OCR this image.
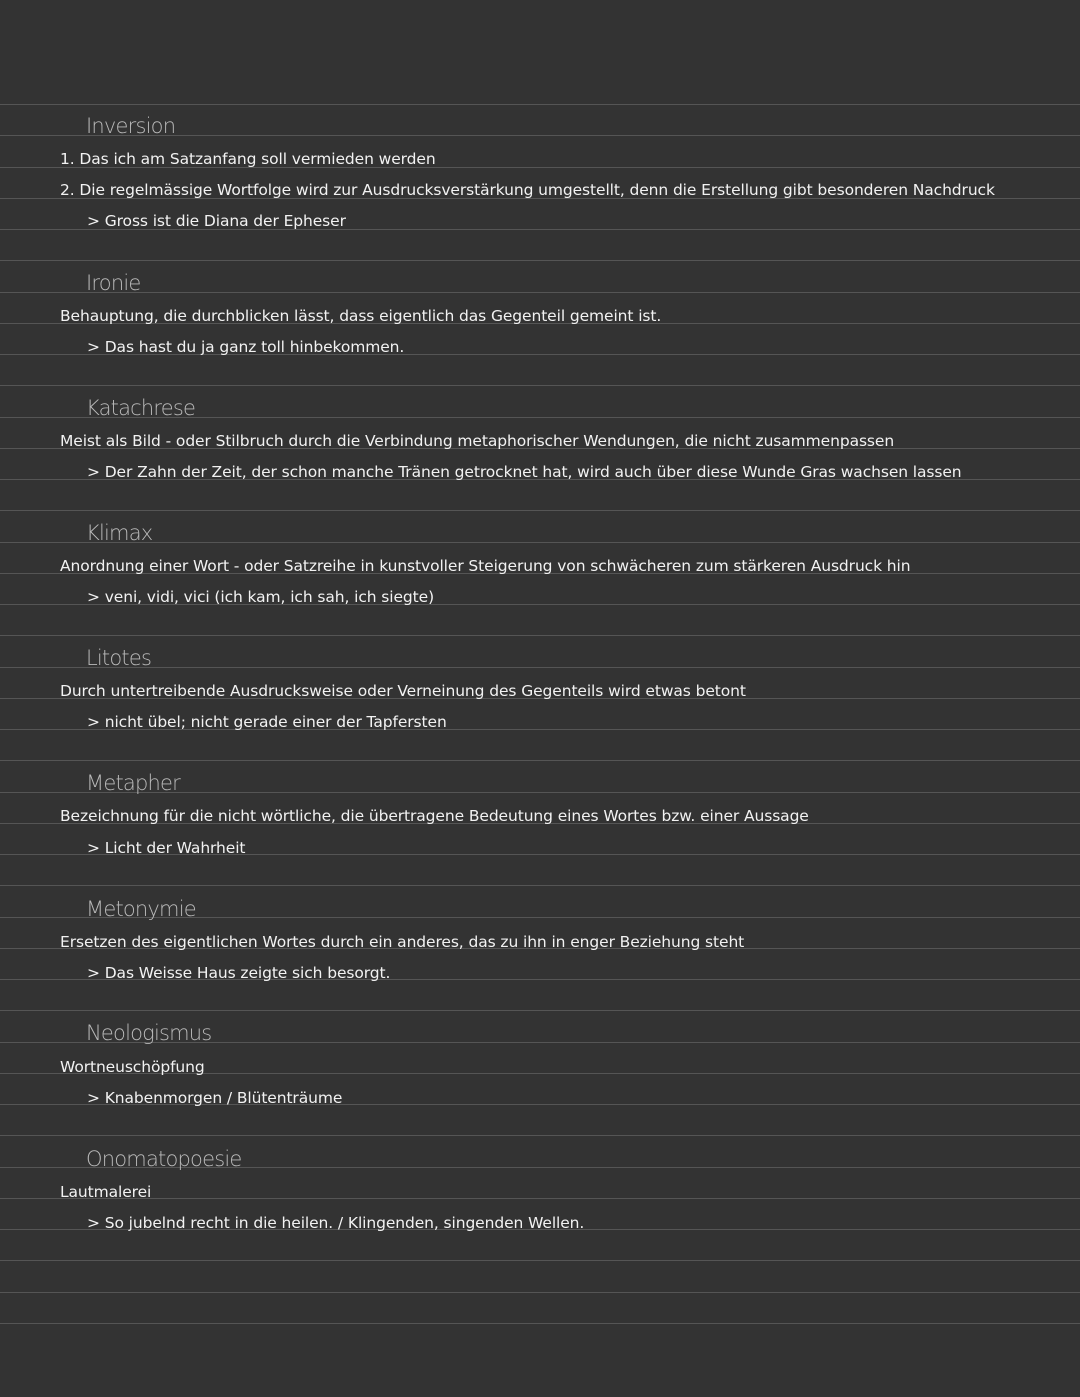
Inversion
1. Das ich am Satzanfang soll vermieden werden
2. Die regelmässige Wortfolge wird zur Ausdrucksverstärkung umgestellt, denn die Erstellung gibt besonderen Nachdruck
> Gross ist die Diana der Epheser
Ironie
Behauptung, die durchblicken lässt, dass eigentlich das Gegenteil gemeint ist.
> Das hast du ja ganz toll hinbekommen.
Katachrese
Meist als Bild - oder Stilbruch durch die Verbindung metaphorischer Wendungen, die nicht zusammenpassen
> Der Zahn der Zeit, der schon manche Tränen getrocknet hat, wird auch über diese Wunde Gras wachsen lassen
Klimax
Anordnung einer Wort - oder Satzreihe in kunstvoller Steigerung von schwächeren zum stärkeren Ausdruck hin
> veni, vidi, vici (ich kam, ich sah, ich siegte)
Litotes
Durch untertreibende Ausdrucksweise oder Verneinung des Gegenteils wird etwas betont
> nicht übel; nicht gerade einer der Tapfersten
Metapher
Bezeichnung für die nicht wörtliche, die übertragene Bedeutung eines Wortes bzw. einer Aussage
> Licht der Wahrheit
Metonymie
Ersetzen des eigentlichen Wortes durch ein anderes, das zu ihn in enger Beziehung steht
> Das Weisse Haus zeigte sich besorgt.
Neologismus
Wortneuschöpfung
> Knabenmorgen / Blütenträume
Onomatopoesie
Lautmalerei
> So jubelnd recht in die heilen. / Klingenden, singenden Wellen.
